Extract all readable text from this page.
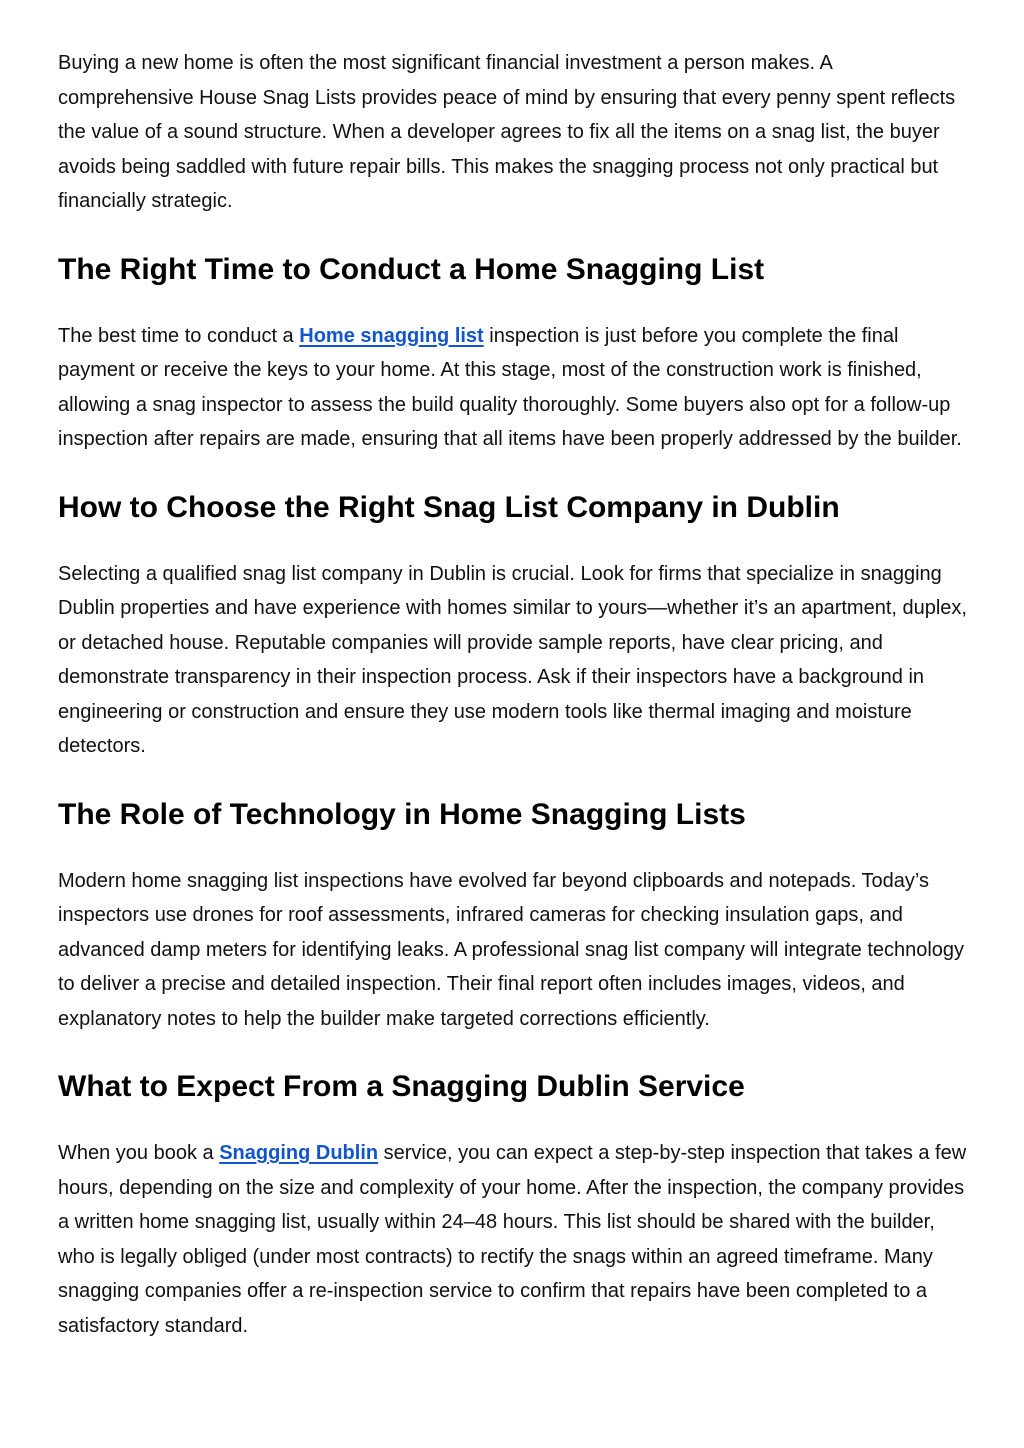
Buying a new home is often the most significant financial investment a person makes. A comprehensive House Snag Lists provides peace of mind by ensuring that every penny spent reflects the value of a sound structure. When a developer agrees to fix all the items on a snag list, the buyer avoids being saddled with future repair bills. This makes the snagging process not only practical but financially strategic.

The Right Time to Conduct a Home Snagging List

The best time to conduct a Home snagging list inspection is just before you complete the final payment or receive the keys to your home. At this stage, most of the construction work is finished, allowing a snag inspector to assess the build quality thoroughly. Some buyers also opt for a follow-up inspection after repairs are made, ensuring that all items have been properly addressed by the builder.

How to Choose the Right Snag List Company in Dublin

Selecting a qualified snag list company in Dublin is crucial. Look for firms that specialize in snagging Dublin properties and have experience with homes similar to yours—whether it’s an apartment, duplex, or detached house. Reputable companies will provide sample reports, have clear pricing, and demonstrate transparency in their inspection process. Ask if their inspectors have a background in engineering or construction and ensure they use modern tools like thermal imaging and moisture detectors.

The Role of Technology in Home Snagging Lists

Modern home snagging list inspections have evolved far beyond clipboards and notepads. Today’s inspectors use drones for roof assessments, infrared cameras for checking insulation gaps, and advanced damp meters for identifying leaks. A professional snag list company will integrate technology to deliver a precise and detailed inspection. Their final report often includes images, videos, and explanatory notes to help the builder make targeted corrections efficiently.

What to Expect From a Snagging Dublin Service

When you book a Snagging Dublin service, you can expect a step-by-step inspection that takes a few hours, depending on the size and complexity of your home. After the inspection, the company provides a written home snagging list, usually within 24–48 hours. This list should be shared with the builder, who is legally obliged (under most contracts) to rectify the snags within an agreed timeframe. Many snagging companies offer a re-inspection service to confirm that repairs have been completed to a satisfactory standard.
